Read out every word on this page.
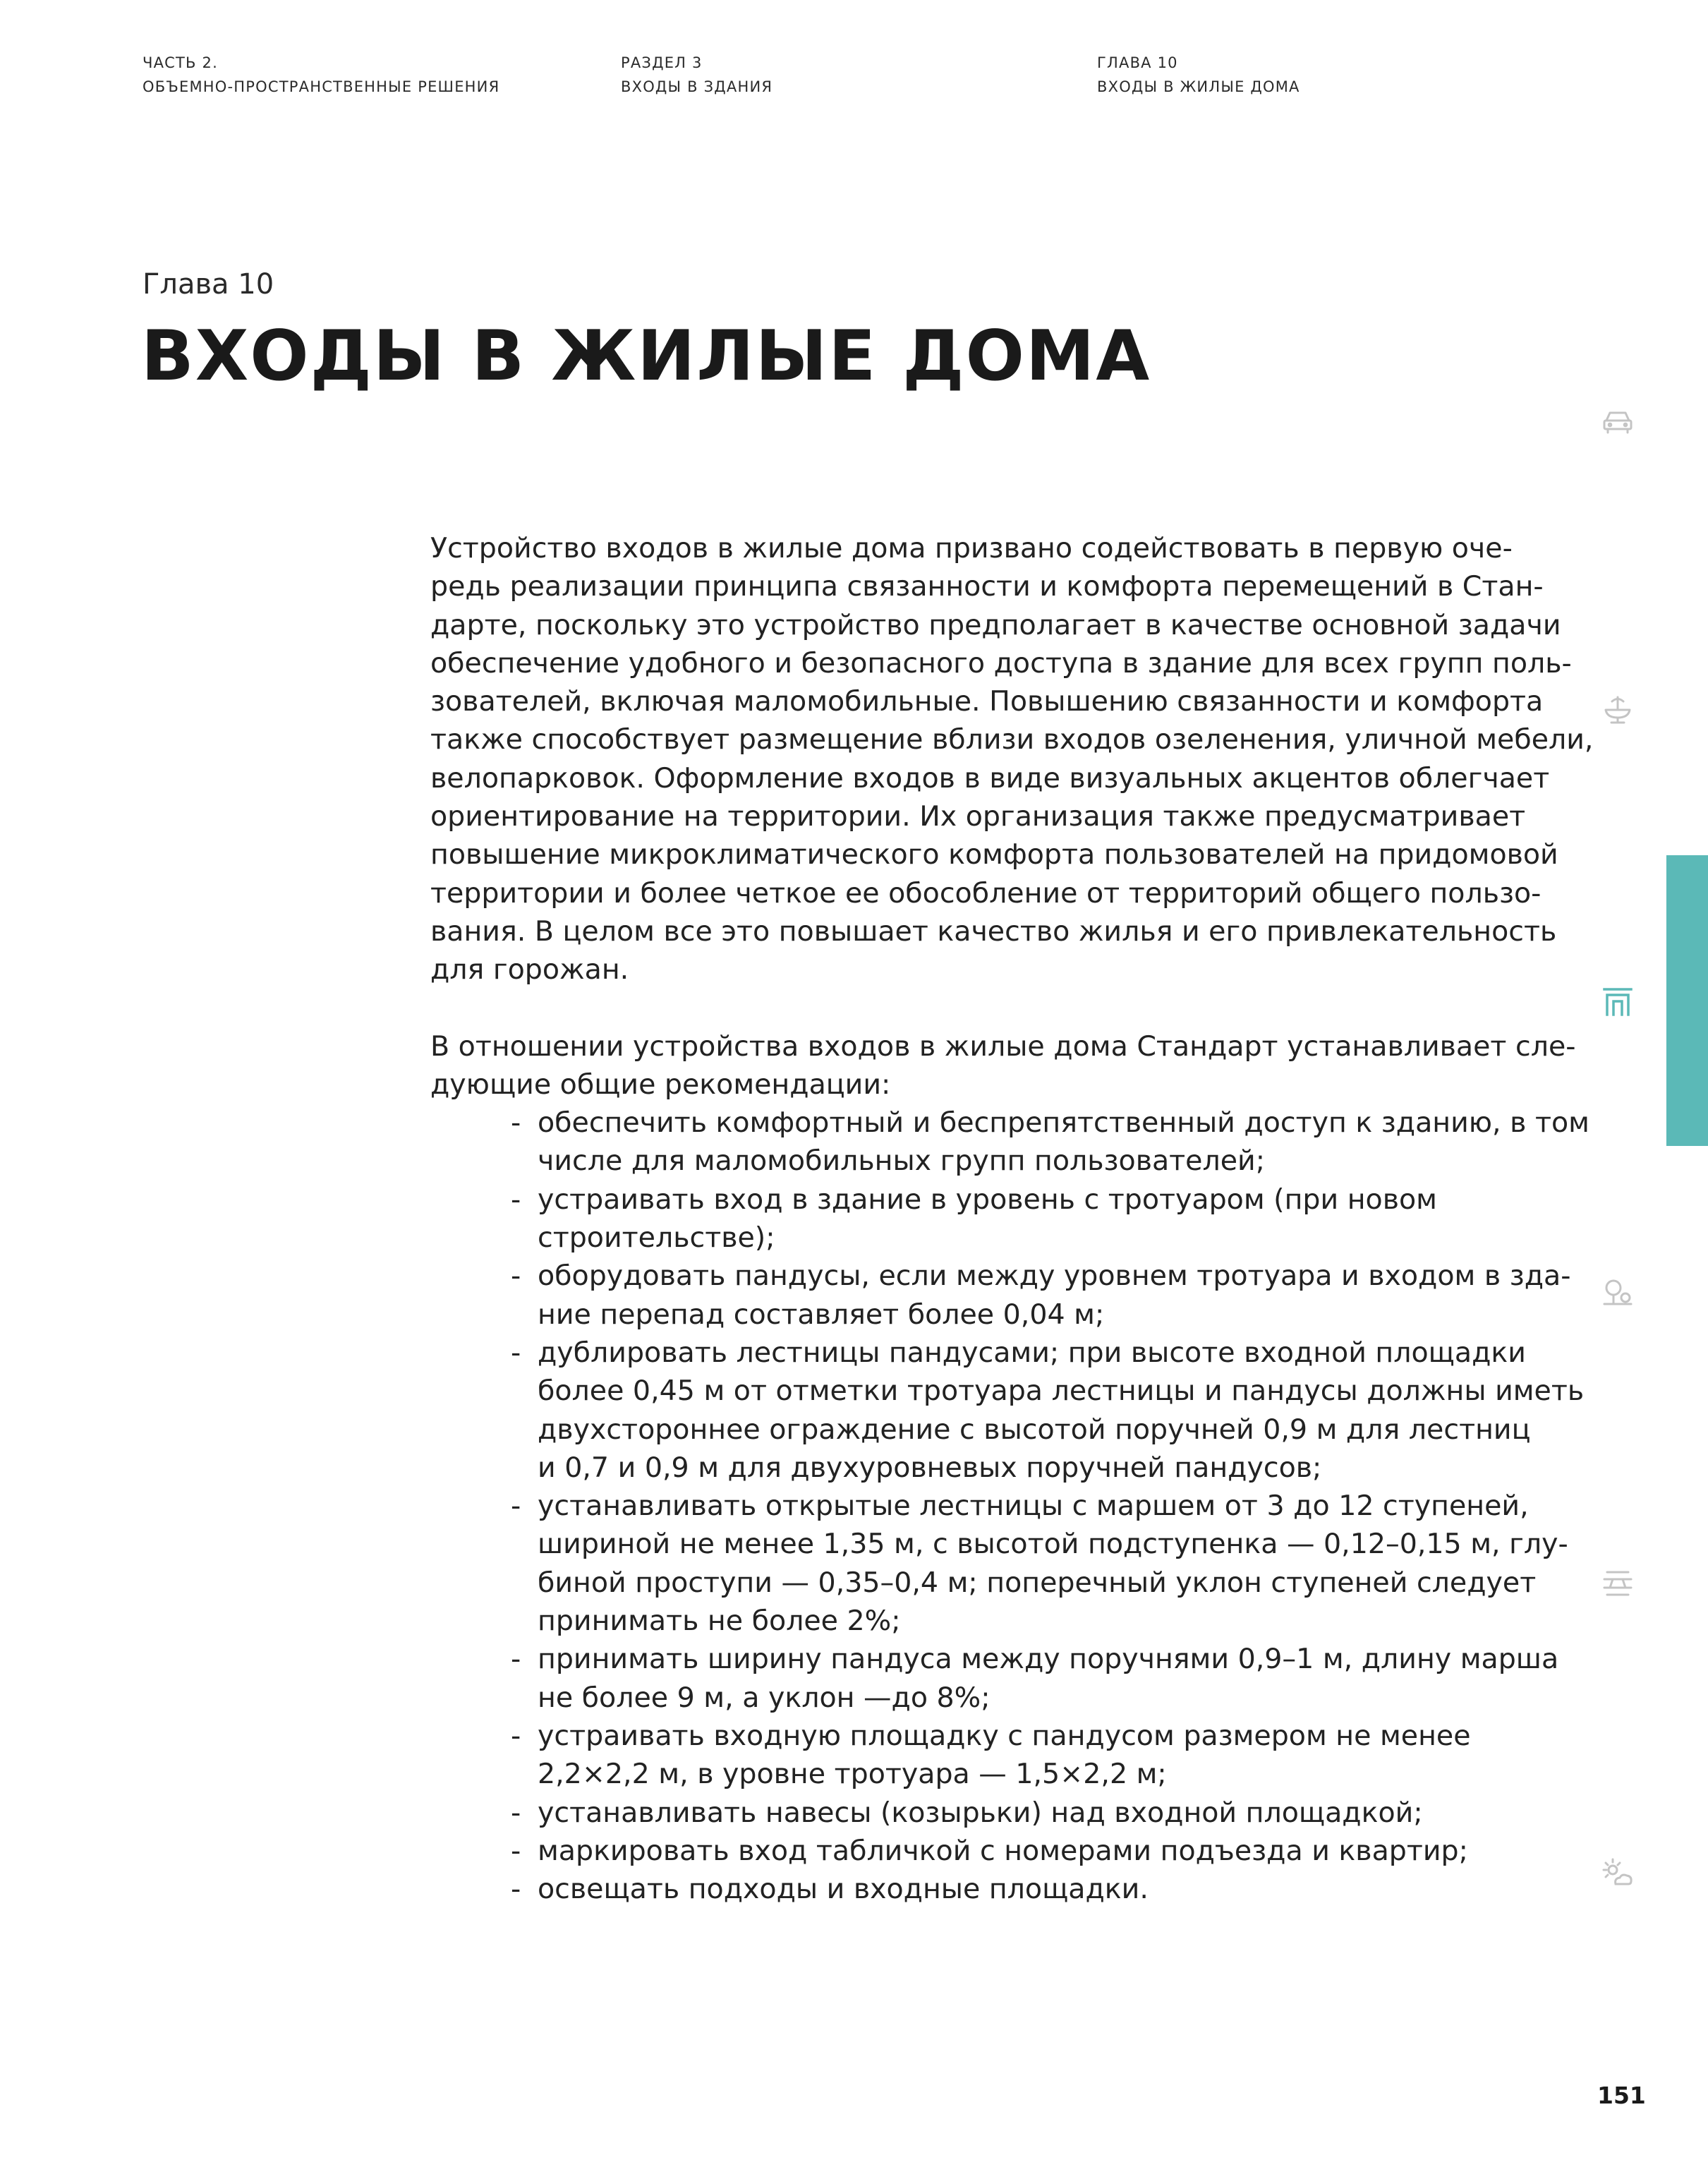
ЧАСТЬ 2.
ОБЪЕМНО-ПРОСТРАНСТВЕННЫЕ РЕШЕНИЯ
РАЗДЕЛ 3
ВХОДЫ В ЗДАНИЯ
ГЛАВА 10
ВХОДЫ В ЖИЛЫЕ ДОМА
Глава 10
ВХОДЫ В ЖИЛЫЕ ДОМА

Устройство входов в жилые дома призвано содействовать в первую оче-
редь реализации принципа связанности и комфорта перемещений в Стан-
дарте, поскольку это устройство предполагает в качестве основной задачи
обеспечение удобного и безопасного доступа в здание для всех групп поль-
зователей, включая маломобильные. Повышению связанности и комфорта
также способствует размещение вблизи входов озеленения, уличной мебели,
велопарковок. Оформление входов в виде визуальных акцентов облегчает
ориентирование на территории. Их организация также предусматривает
повышение микроклиматического комфорта пользователей на придомовой
территории и более четкое ее обособление от территорий общего пользо-
вания. В целом все это повышает качество жилья и его привлекательность
для горожан.

В отношении устройства входов в жилые дома Стандарт устанавливает сле-
дующие общие рекомендации:

- обеспечить комфортный и беспрепятственный доступ к зданию, в том
числе для маломобильных групп пользователей;
- устраивать вход в здание в уровень с тротуаром (при новом
строительстве);
- оборудовать пандусы, если между уровнем тротуара и входом в зда-
ние перепад составляет более 0,04 м;
- дублировать лестницы пандусами; при высоте входной площадки
более 0,45 м от отметки тротуара лестницы и пандусы должны иметь
двухстороннее ограждение с высотой поручней 0,9 м для лестниц
и 0,7 и 0,9 м для двухуровневых поручней пандусов;
- устанавливать открытые лестницы с маршем от 3 до 12 ступеней,
шириной не менее 1,35 м, с высотой подступенка — 0,12–0,15 м, глу-
биной проступи — 0,35–0,4 м; поперечный уклон ступеней следует
принимать не более 2%;
- принимать ширину пандуса между поручнями 0,9–1 м, длину марша
не более 9 м, а уклон —до 8%;
- устраивать входную площадку с пандусом размером не менее
2,2×2,2 м, в уровне тротуара — 1,5×2,2 м;
- устанавливать навесы (козырьки) над входной площадкой;
- маркировать вход табличкой с номерами подъезда и квартир;
- освещать подходы и входные площадки.
151
